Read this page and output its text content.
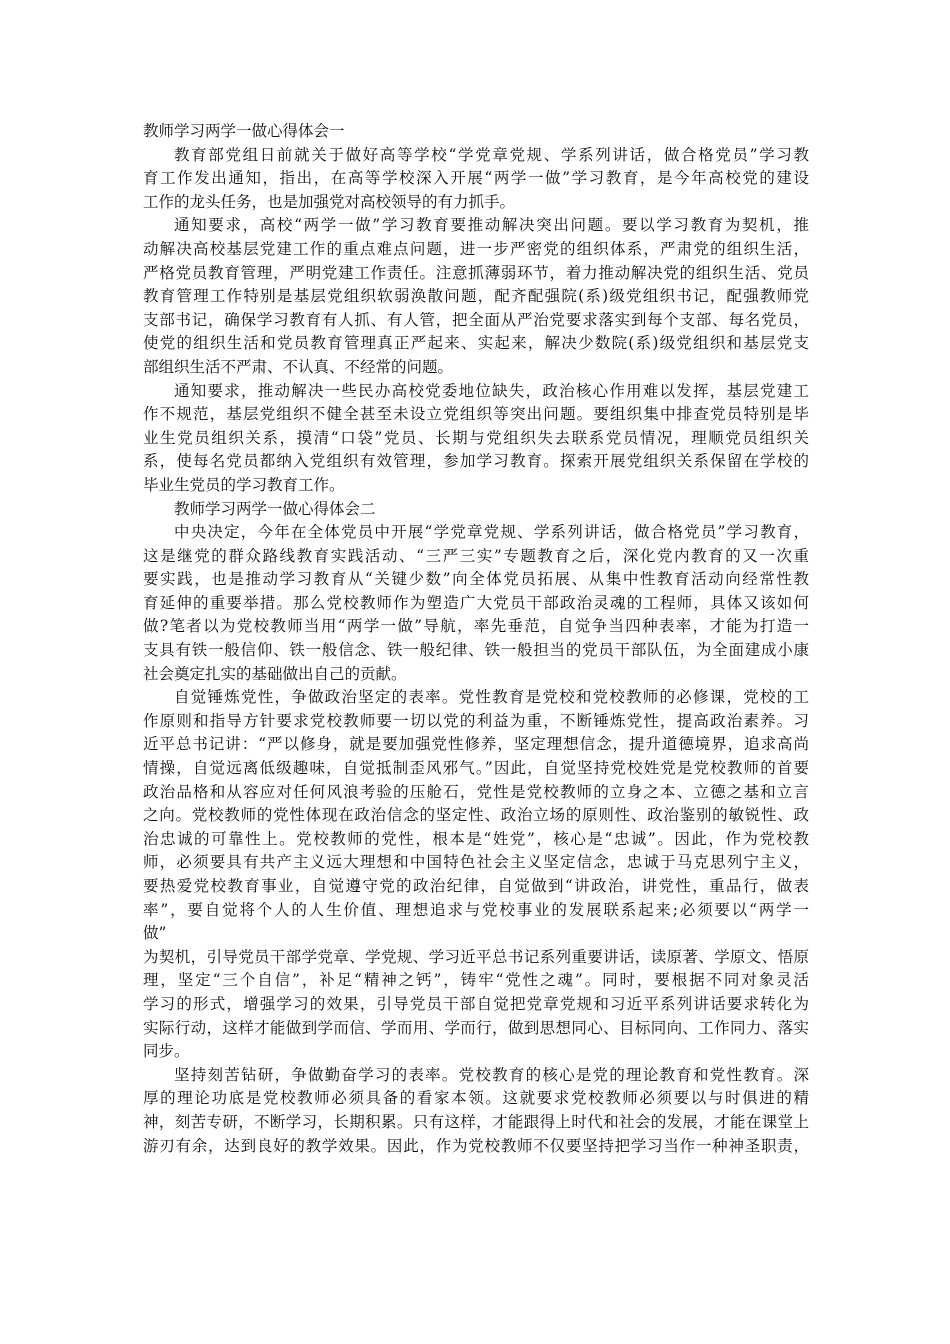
教师学习两学一做心得体会一
教育部党组日前就关于做好高等学校“学党章党规、学系列讲话，做合格党员”学习教
育工作发出通知，指出，在高等学校深入开展“两学一做”学习教育，是今年高校党的建设
工作的龙头任务，也是加强党对高校领导的有力抓手。
通知要求，高校“两学一做”学习教育要推动解决突出问题。要以学习教育为契机，推
动解决高校基层党建工作的重点难点问题，进一步严密党的组织体系，严肃党的组织生活，
严格党员教育管理，严明党建工作责任。注意抓薄弱环节，着力推动解决党的组织生活、党员
教育管理工作特别是基层党组织软弱涣散问题，配齐配强院(系)级党组织书记，配强教师党
支部书记，确保学习教育有人抓、有人管，把全面从严治党要求落实到每个支部、每名党员，
使党的组织生活和党员教育管理真正严起来、实起来，解决少数院(系)级党组织和基层党支
部组织生活不严肃、不认真、不经常的问题。
通知要求，推动解决一些民办高校党委地位缺失，政治核心作用难以发挥，基层党建工
作不规范，基层党组织不健全甚至未设立党组织等突出问题。要组织集中排查党员特别是毕
业生党员组织关系，摸清“口袋”党员、长期与党组织失去联系党员情况，理顺党员组织关
系，使每名党员都纳入党组织有效管理，参加学习教育。探索开展党组织关系保留在学校的
毕业生党员的学习教育工作。
教师学习两学一做心得体会二
中央决定，今年在全体党员中开展“学党章党规、学系列讲话，做合格党员”学习教育，
这是继党的群众路线教育实践活动、“三严三实”专题教育之后，深化党内教育的又一次重
要实践，也是推动学习教育从“关键少数”向全体党员拓展、从集中性教育活动向经常性教
育延伸的重要举措。那么党校教师作为塑造广大党员干部政治灵魂的工程师，具体又该如何
做?笔者以为党校教师当用“两学一做”导航，率先垂范，自觉争当四种表率，才能为打造一
支具有铁一般信仰、铁一般信念、铁一般纪律、铁一般担当的党员干部队伍，为全面建成小康
社会奠定扎实的基础做出自己的贡献。
自觉锤炼党性，争做政治坚定的表率。党性教育是党校和党校教师的必修课，党校的工
作原则和指导方针要求党校教师要一切以党的利益为重，不断锤炼党性，提高政治素养。习
近平总书记讲：“严以修身，就是要加强党性修养，坚定理想信念，提升道德境界，追求高尚
情操，自觉远离低级趣味，自觉抵制歪风邪气。”因此，自觉坚持党校姓党是党校教师的首要
政治品格和从容应对任何风浪考验的压舱石，党性是党校教师的立身之本、立德之基和立言
之向。党校教师的党性体现在政治信念的坚定性、政治立场的原则性、政治鉴别的敏锐性、政
治忠诚的可靠性上。党校教师的党性，根本是“姓党”，核心是“忠诚”。因此，作为党校教
师，必须要具有共产主义远大理想和中国特色社会主义坚定信念，忠诚于马克思列宁主义，
要热爱党校教育事业，自觉遵守党的政治纪律，自觉做到“讲政治，讲党性，重品行，做表
率”，要自觉将个人的人生价值、理想追求与党校事业的发展联系起来;必须要以“两学一
做”
为契机，引导党员干部学党章、学党规、学习近平总书记系列重要讲话，读原著、学原文、悟原
理，坚定“三个自信”，补足“精神之钙”，铸牢“党性之魂”。同时，要根据不同对象灵活
学习的形式，增强学习的效果，引导党员干部自觉把党章党规和习近平系列讲话要求转化为
实际行动，这样才能做到学而信、学而用、学而行，做到思想同心、目标同向、工作同力、落实
同步。
坚持刻苦钻研，争做勤奋学习的表率。党校教育的核心是党的理论教育和党性教育。深
厚的理论功底是党校教师必须具备的看家本领。这就要求党校教师必须要以与时俱进的精
神，刻苦专研，不断学习，长期积累。只有这样，才能跟得上时代和社会的发展，才能在课堂上
游刃有余，达到良好的教学效果。因此，作为党校教师不仅要坚持把学习当作一种神圣职责，
